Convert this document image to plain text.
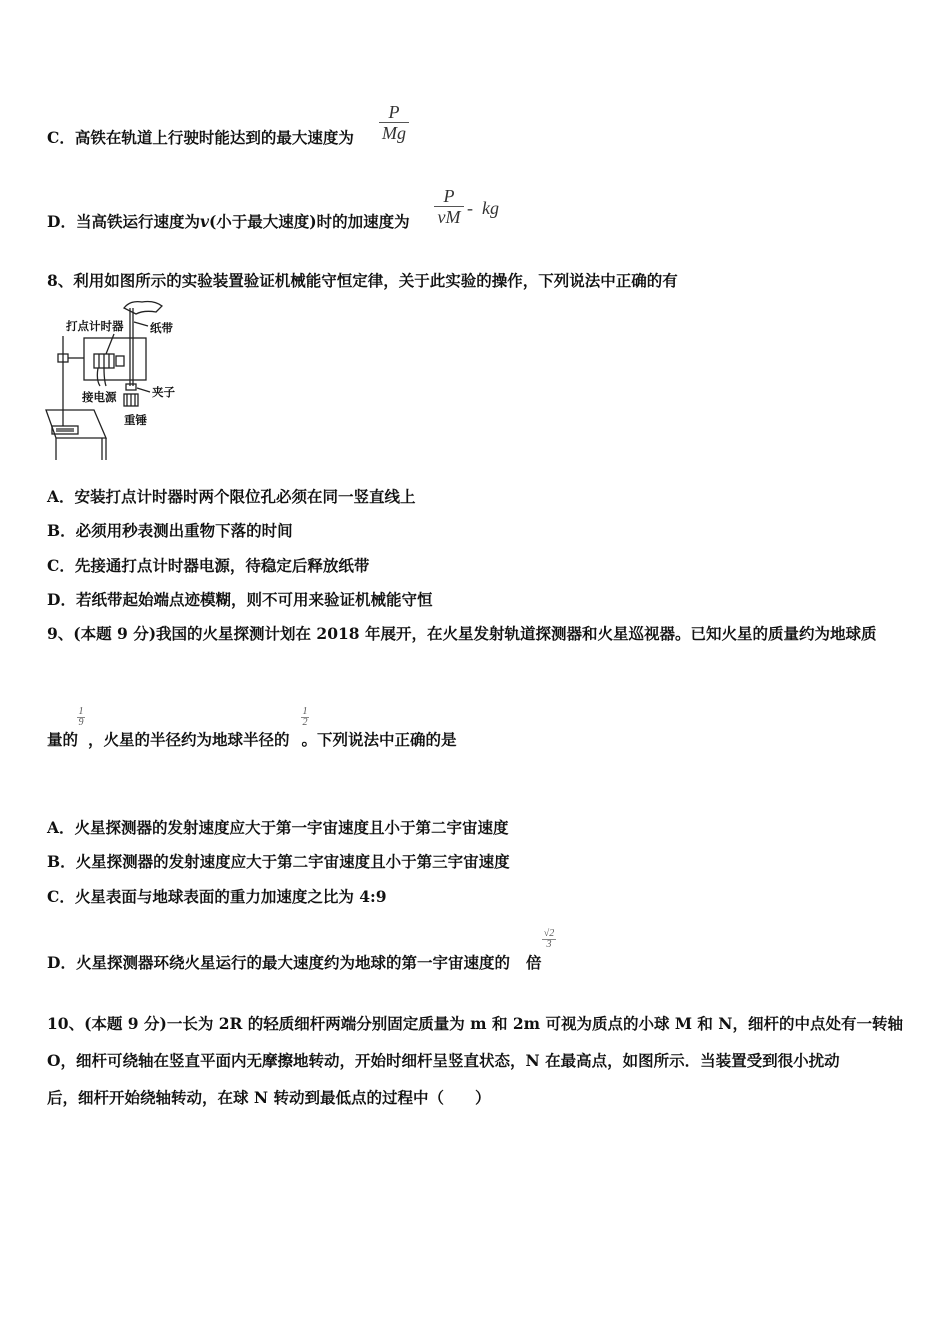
C．高铁在轨道上行驶时能达到的最大速度为
P
Mg
D．当高铁运行速度为v(小于最大速度)时的加速度为
P
vM - kg
8、利用如图所示的实验装置验证机械能守恒定律，关于此实验的操作，下列说法中正确的有
打点计时器 纸带
夹子
接电源
重锤
A．安装打点计时器时两个限位孔必须在同一竖直线上
B．必须用秒表测出重物下落的时间
C．先接通打点计时器电源，待稳定后释放纸带
D．若纸带起始端点迹模糊，则不可用来验证机械能守恒
9、(本题 9 分)我国的火星探测计划在 2018 年展开，在火星发射轨道探测器和火星巡视器。已知火星的质量约为地球质
量的 ，火星的半径约为地球半径的 。下列说法中正确的是
1
9
1
2
A．火星探测器的发射速度应大于第一宇宙速度且小于第二宇宙速度
B．火星探测器的发射速度应大于第二宇宙速度且小于第三宇宙速度
C．火星表面与地球表面的重力加速度之比为 4:9
D．火星探测器环绕火星运行的最大速度约为地球的第一宇宙速度的 倍
√2
3
10、(本题 9 分)一长为 2R 的轻质细杆两端分别固定质量为 m 和 2m 可视为质点的小球 M 和 N，细杆的中点处有一转轴
O，细杆可绕轴在竖直平面内无摩擦地转动，开始时细杆呈竖直状态，N 在最高点，如图所示．当装置受到很小扰动
后，细杆开始绕轴转动，在球 N 转动到最低点的过程中（　　）
